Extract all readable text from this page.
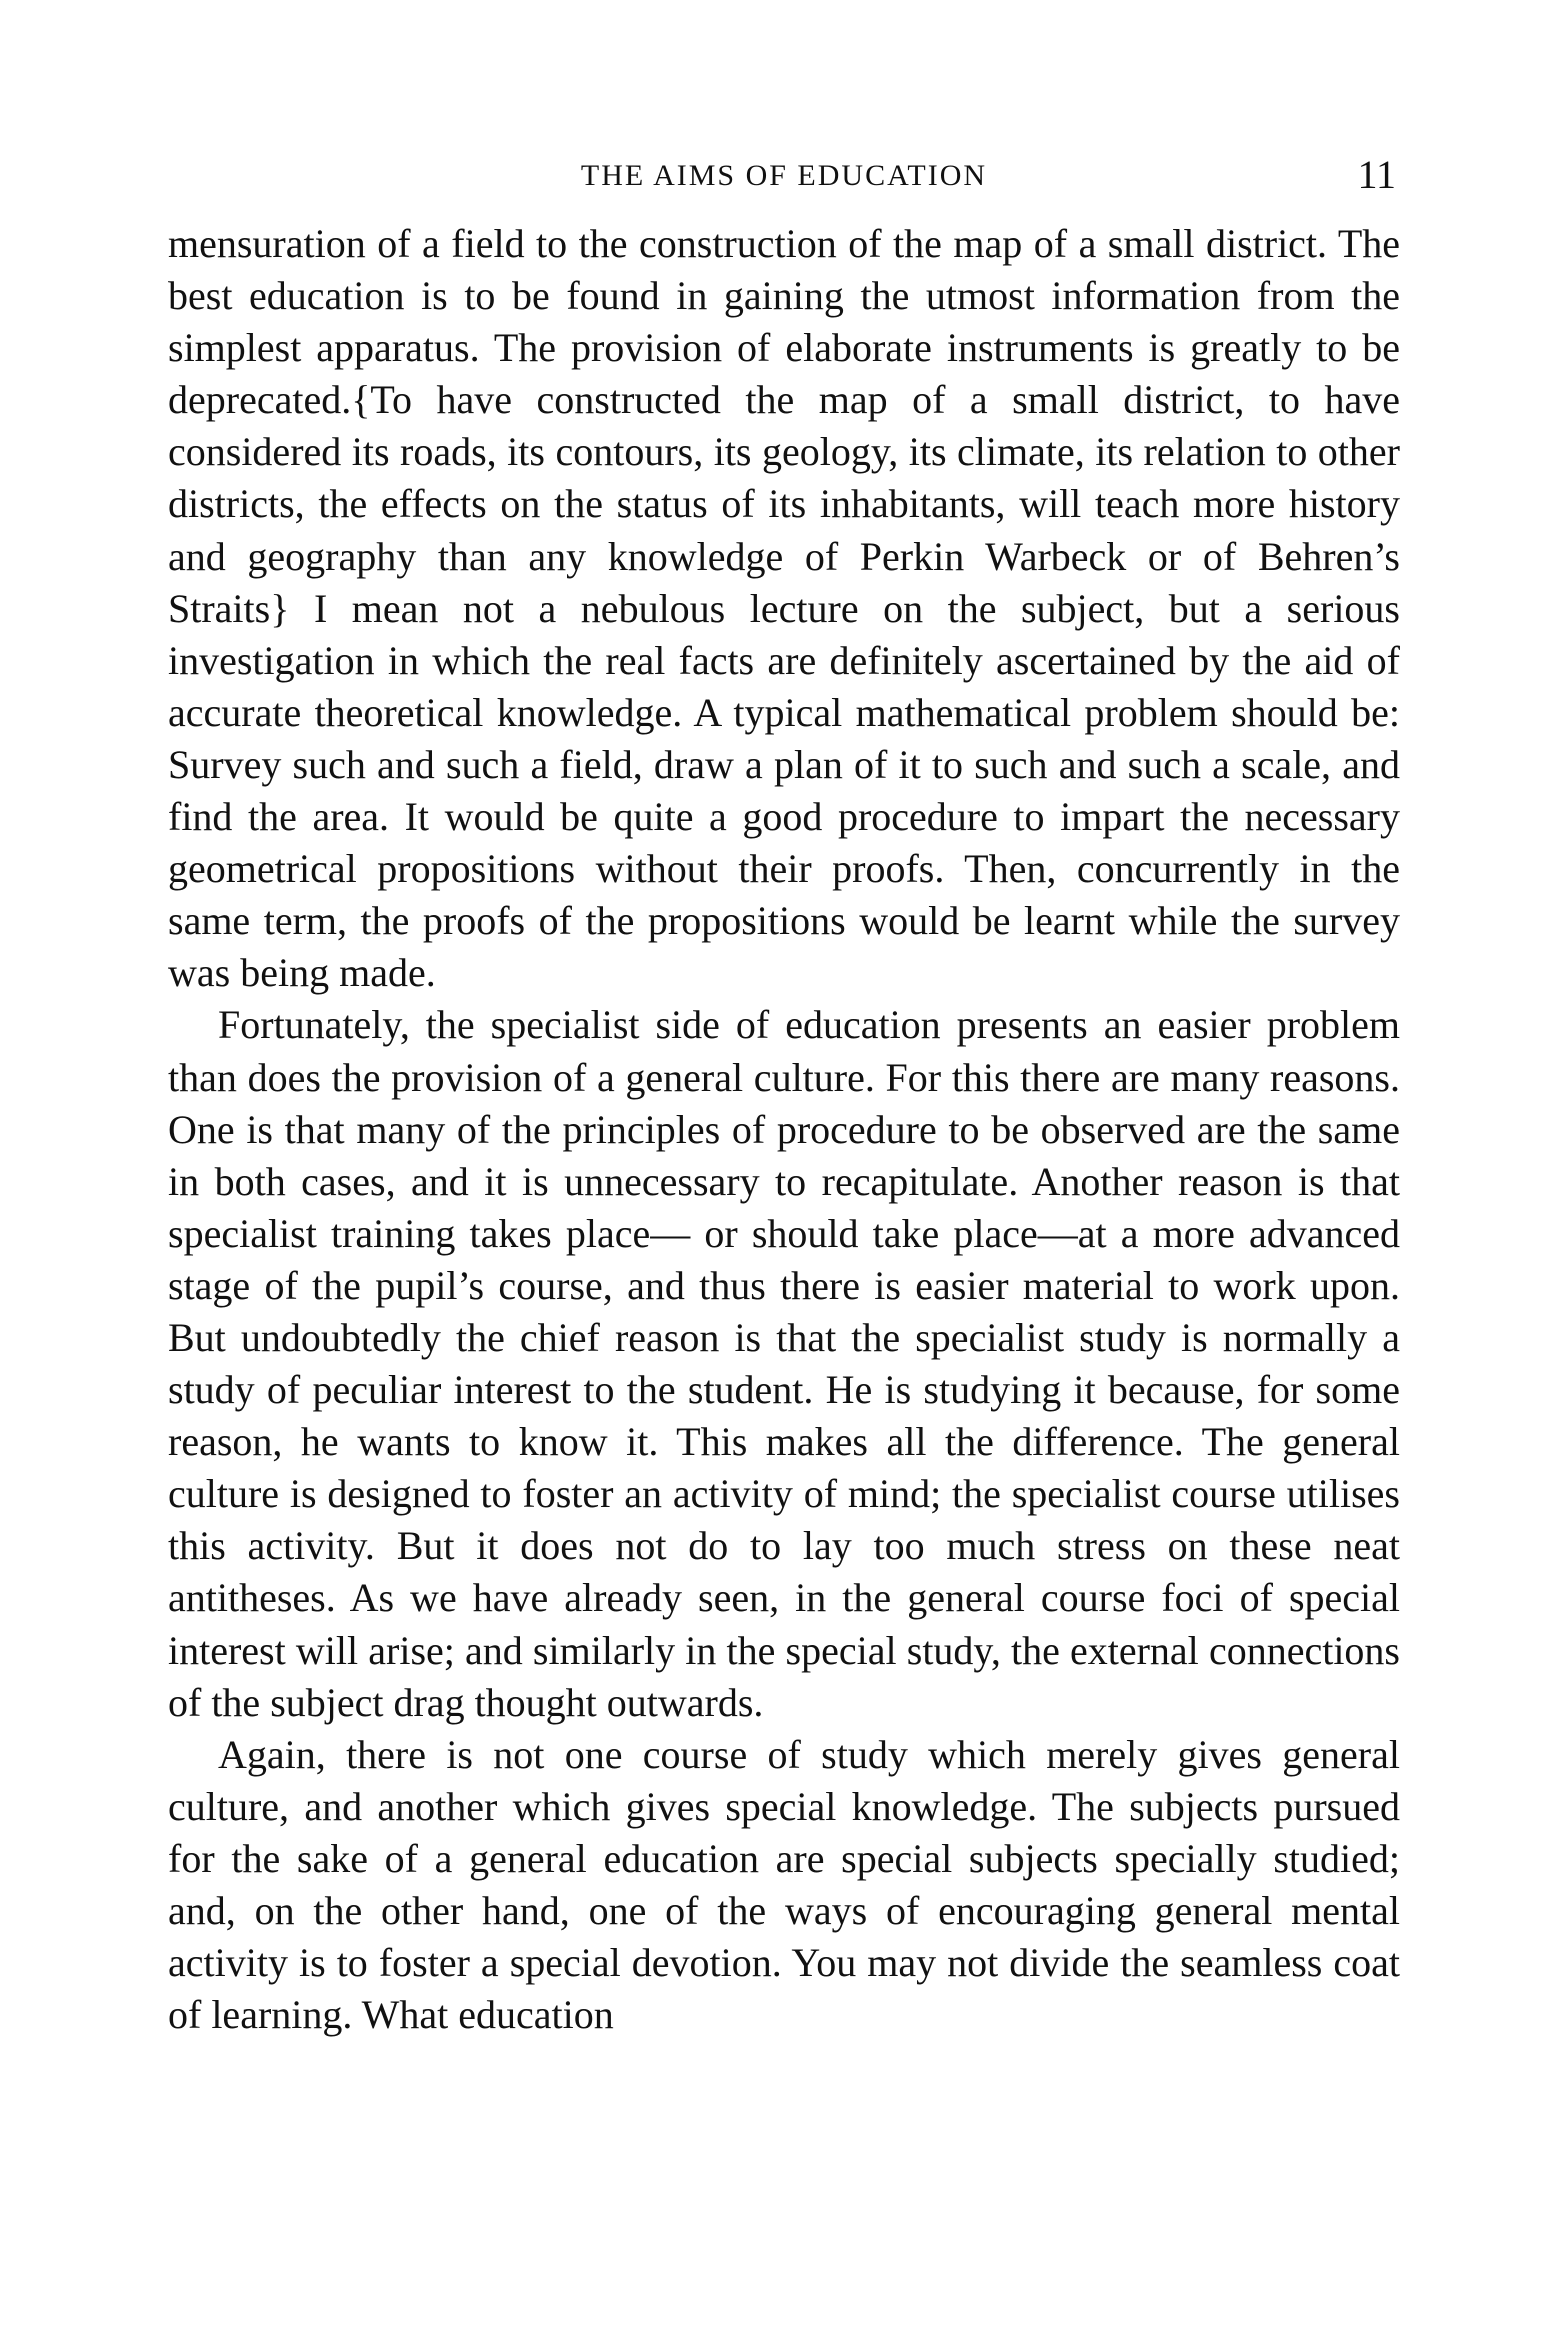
THE AIMS OF EDUCATION	11

mensuration of a field to the construction of the map of a small district. The best education is to be found in gaining the utmost information from the simplest apparatus. The provision of elaborate instruments is greatly to be deprecated.{To have constructed the map of a small district, to have considered its roads, its contours, its geology, its climate, its relation to other districts, the effects on the status of its inhabitants, will teach more history and geography than any knowledge of Perkin Warbeck or of Behren’s Straits} I mean not a nebulous lecture on the subject, but a serious investigation in which the real facts are definitely ascertained by the aid of accurate theoretical knowledge. A typical mathematical problem should be: Survey such and such a field, draw a plan of it to such and such a scale, and find the area. It would be quite a good procedure to impart the necessary geometrical propositions without their proofs. Then, concurrently in the same term, the proofs of the propositions would be learnt while the survey was being made.

Fortunately, the specialist side of education presents an easier problem than does the provision of a general culture. For this there are many reasons. One is that many of the principles of procedure to be observed are the same in both cases, and it is unnecessary to recapitulate. Another reason is that specialist training takes place— or should take place—at a more advanced stage of the pupil’s course, and thus there is easier material to work upon. But undoubtedly the chief reason is that the specialist study is normally a study of peculiar interest to the student. He is studying it because, for some reason, he wants to know it. This makes all the difference. The general culture is designed to foster an activity of mind; the specialist course utilises this activity. But it does not do to lay too much stress on these neat antitheses. As we have already seen, in the general course foci of special interest will arise; and similarly in the special study, the external connections of the subject drag thought outwards.

Again, there is not one course of study which merely gives general culture, and another which gives special knowledge. The subjects pursued for the sake of a general education are special subjects specially studied; and, on the other hand, one of the ways of encouraging general mental activity is to foster a special devotion. You may not divide the seamless coat of learning. What education
